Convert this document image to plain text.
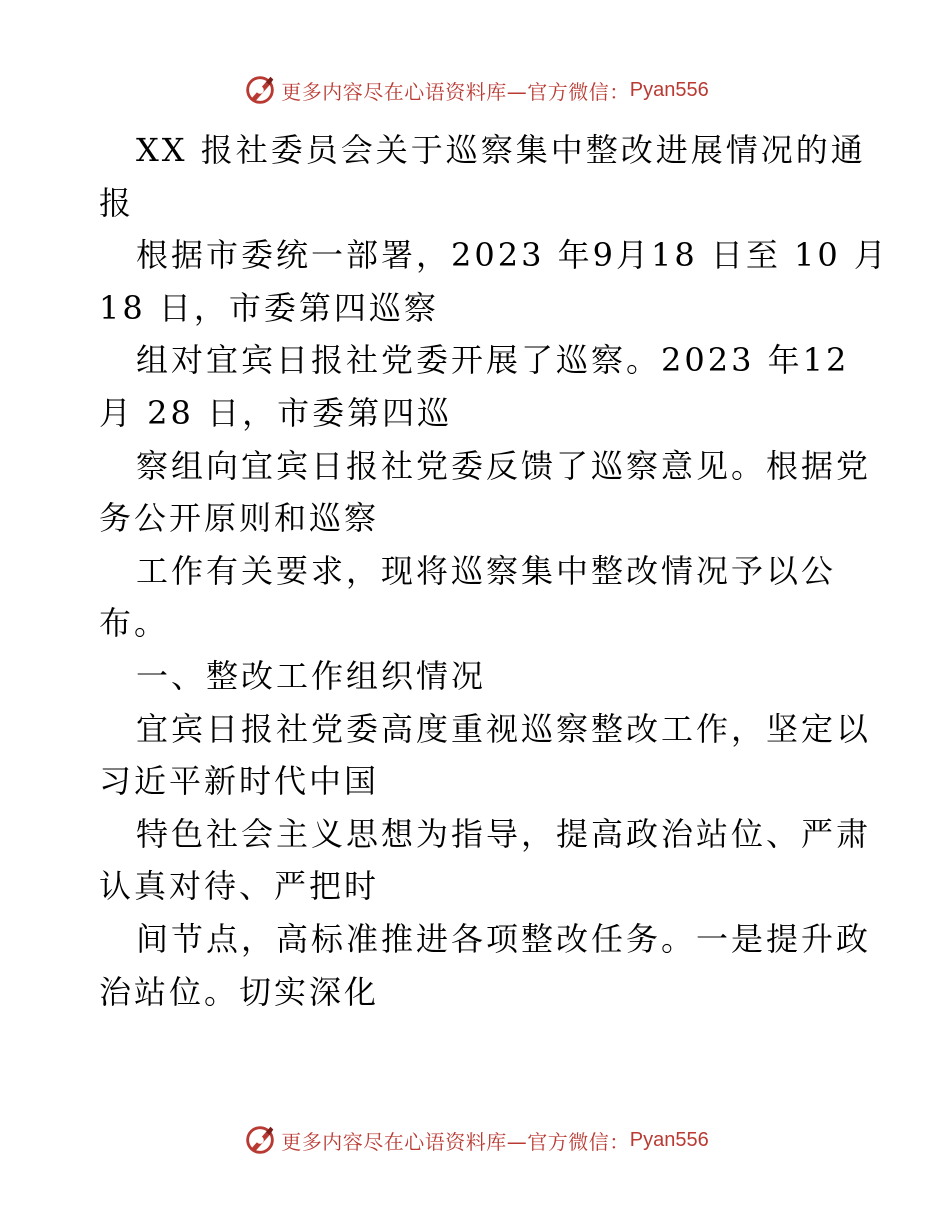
更多内容尽在心语资料库—官方微信： Pyan556
XX 报社委员会关于巡察集中整改进展情况的通
报
根据市委统一部署，2023 年9月18 日至 10 月
18 日，市委第四巡察
组对宜宾日报社党委开展了巡察。2023 年12
月 28 日，市委第四巡
察组向宜宾日报社党委反馈了巡察意见。根据党
务公开原则和巡察
工作有关要求，现将巡察集中整改情况予以公
布。
一、整改工作组织情况
宜宾日报社党委高度重视巡察整改工作，坚定以
习近平新时代中国
特色社会主义思想为指导，提高政治站位、严肃
认真对待、严把时
间节点，高标准推进各项整改任务。一是提升政
治站位。切实深化
更多内容尽在心语资料库—官方微信： Pyan556
